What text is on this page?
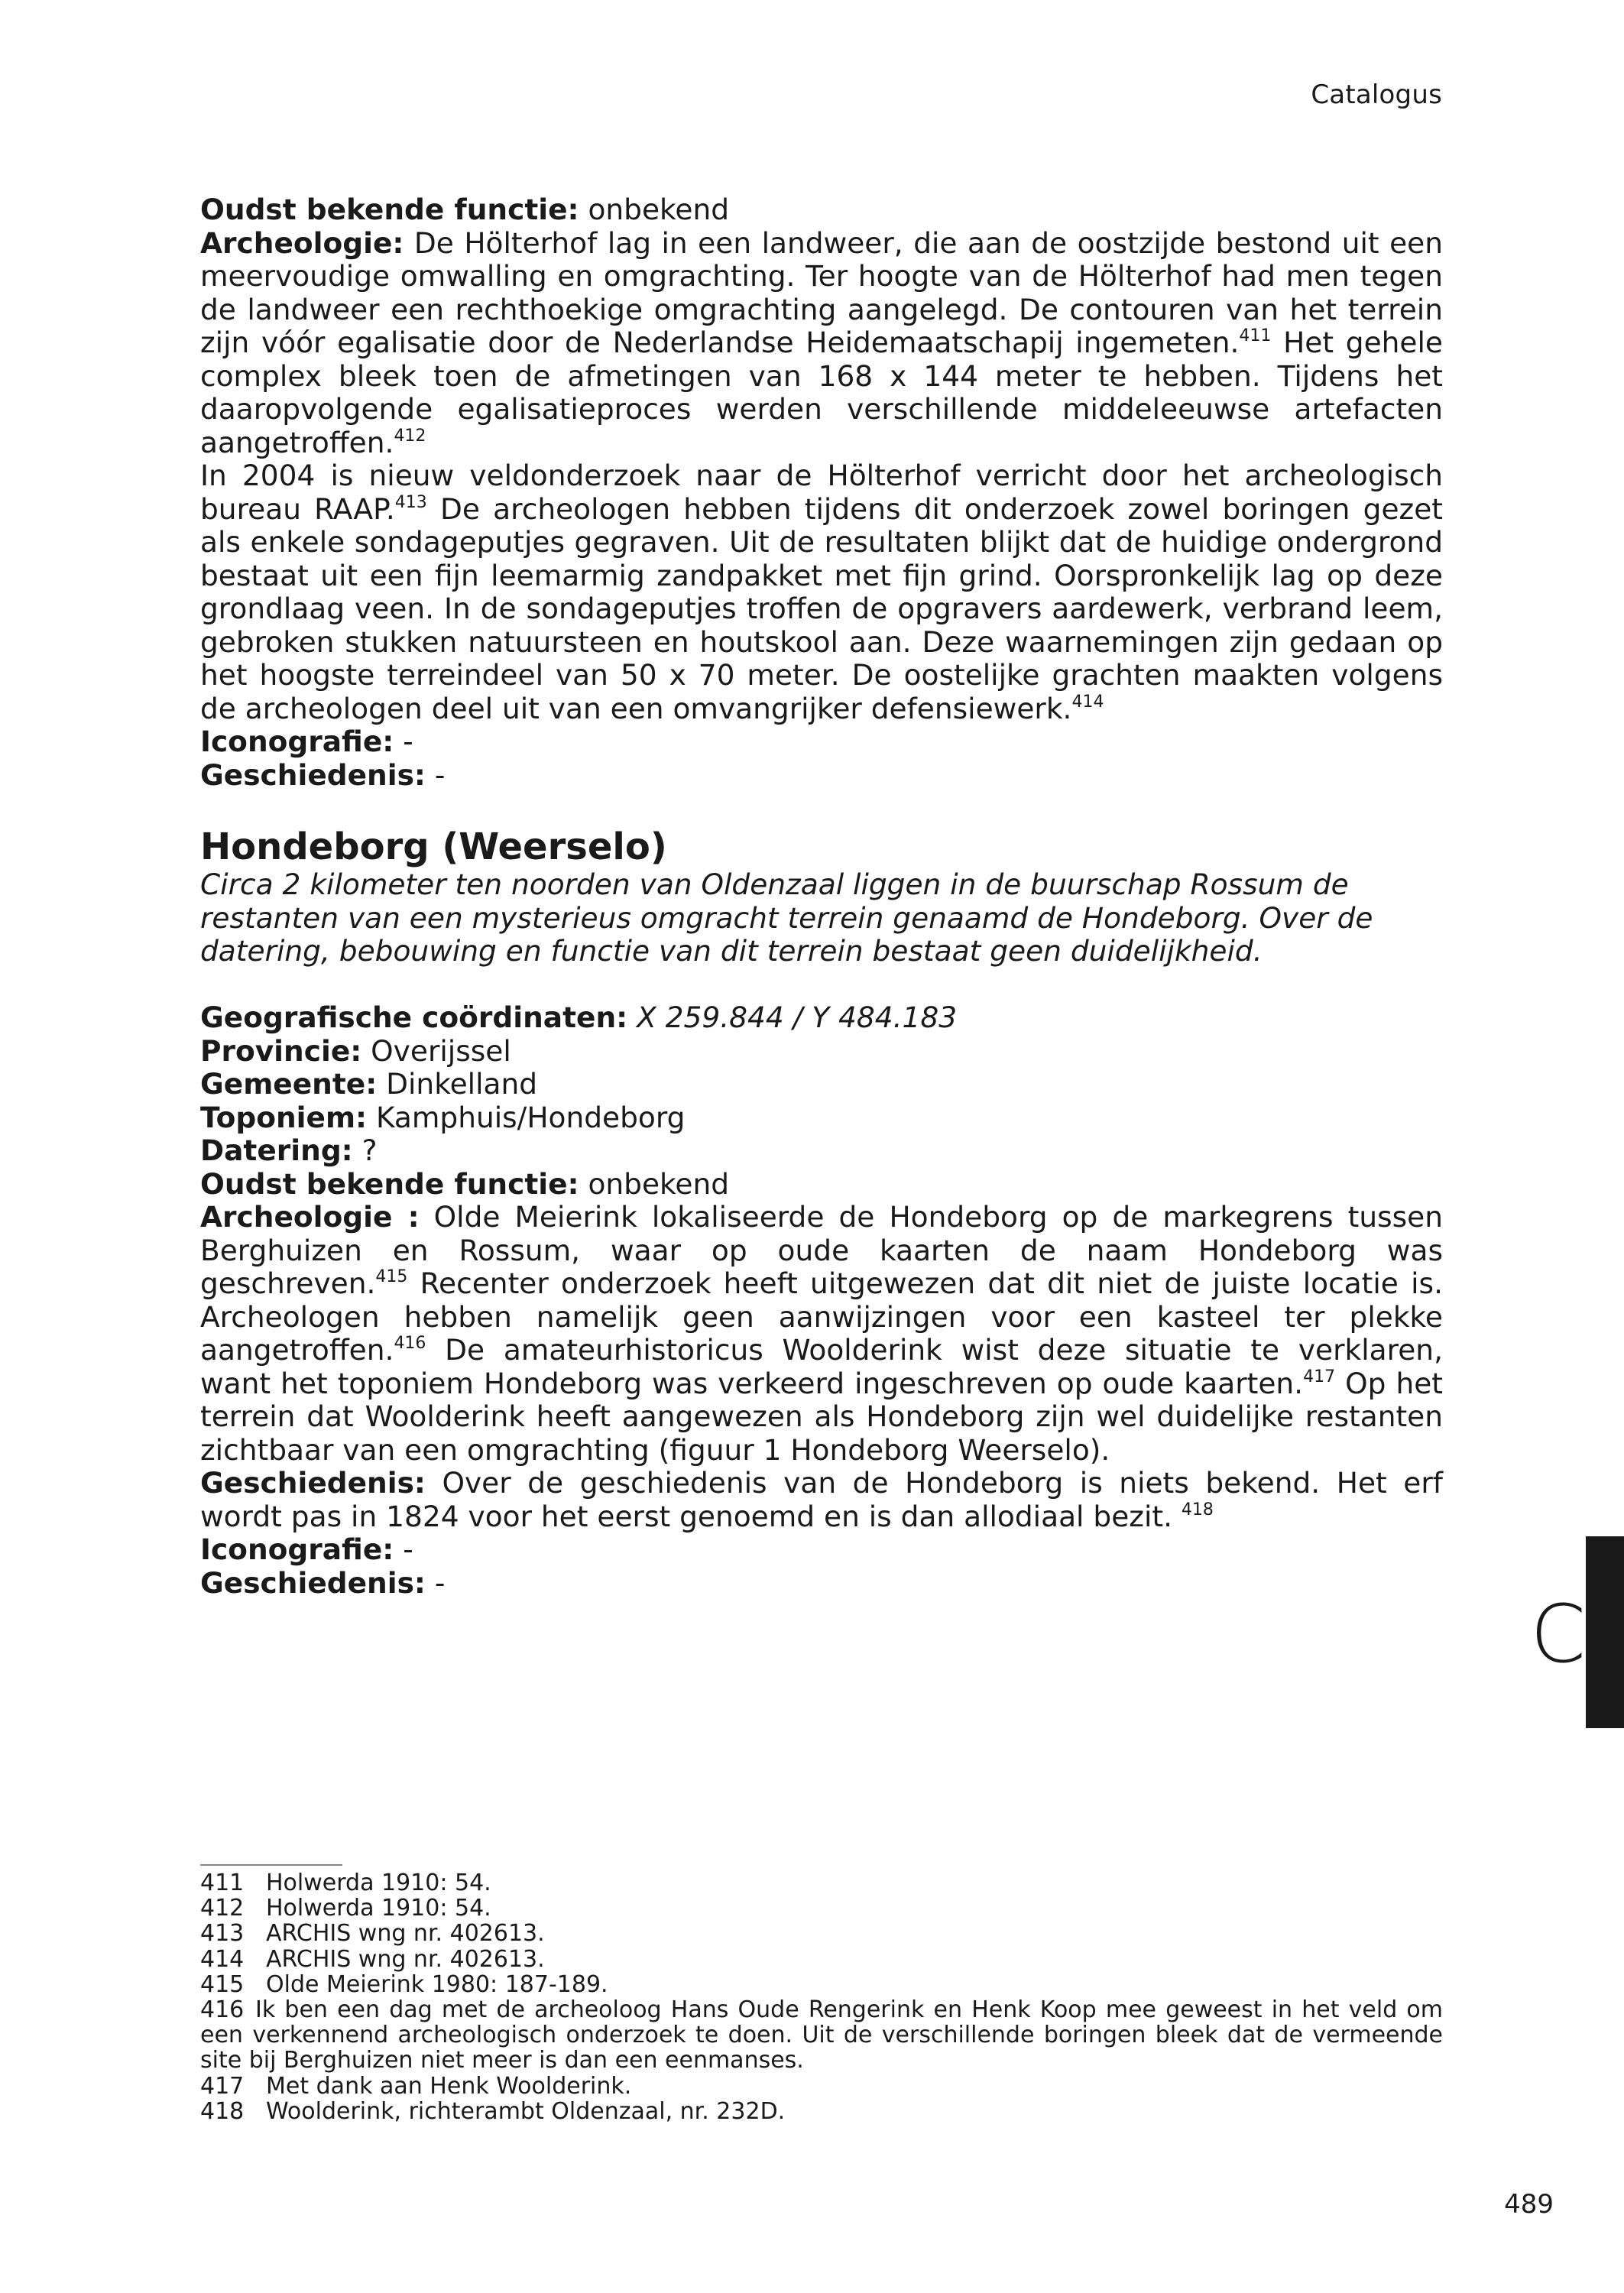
Catalogus

Oudst bekende functie: onbekend

Archeologie: De Hölterhof lag in een landweer, die aan de oostzijde bestond uit een meervoudige omwalling en omgrachting. Ter hoogte van de Hölterhof had men tegen de landweer een rechthoekige omgrachting aangelegd. De contouren van het terrein zijn vóór egalisatie door de Nederlandse Heidemaatschapij ingemeten.$^{411}$ Het gehele complex bleek toen de afmetingen van 168 x 144 meter te hebben. Tijdens het daaropvolgende egalisatieproces werden verschillende middeleeuwse artefacten aangetroffen.$^{412}$

In 2004 is nieuw veldonderzoek naar de Hölterhof verricht door het archeologisch bureau RAAP.$^{413}$ De archeologen hebben tijdens dit onderzoek zowel boringen gezet als enkele sondageputjes gegraven. Uit de resultaten blijkt dat de huidige ondergrond bestaat uit een fijn leemarmig zandpakket met fijn grind. Oorspronkelijk lag op deze grondlaag veen. In de sondageputjes troffen de opgravers aardewerk, verbrand leem, gebroken stukken natuursteen en houtskool aan. Deze waarnemingen zijn gedaan op het hoogste terreindeel van 50 x 70 meter. De oostelijke grachten maakten volgens de archeologen deel uit van een omvangrijker defensiewerk.$^{414}$

Iconografie: -

Geschiedenis: -

Hondeborg (Weerselo)

Circa 2 kilometer ten noorden van Oldenzaal liggen in de buurschap Rossum de restanten van een mysterieus omgracht terrein genaamd de Hondeborg. Over de datering, bebouwing en functie van dit terrein bestaat geen duidelijkheid.

Geografische coördinaten: X 259.844 / Y 484.183

Provincie: Overijssel

Gemeente: Dinkelland

Toponiem: Kamphuis/Hondeborg

Datering: ?

Oudst bekende functie: onbekend

Archeologie : Olde Meierink lokaliseerde de Hondeborg op de markegrens tussen Berghuizen en Rossum, waar op oude kaarten de naam Hondeborg was geschreven.$^{415}$ Recenter onderzoek heeft uitgewezen dat dit niet de juiste locatie is. Archeologen hebben namelijk geen aanwijzingen voor een kasteel ter plekke aangetroffen.$^{416}$ De amateurhistoricus Woolderink wist deze situatie te verklaren, want het toponiem Hondeborg was verkeerd ingeschreven op oude kaarten.$^{417}$ Op het terrein dat Woolderink heeft aangewezen als Hondeborg zijn wel duidelijke restanten zichtbaar van een omgrachting (figuur 1 Hondeborg Weerselo).

Geschiedenis: Over de geschiedenis van de Hondeborg is niets bekend. Het erf wordt pas in 1824 voor het eerst genoemd en is dan allodiaal bezit. $^{418}$

Iconografie: -

Geschiedenis: -

411 Holwerda 1910: 54.

412 Holwerda 1910: 54.

413 ARCHIS wng nr. 402613.

414 ARCHIS wng nr. 402613.

415 Olde Meierink 1980: 187-189.

416 Ik ben een dag met de archeoloog Hans Oude Rengerink en Henk Koop mee geweest in het veld om een verkennend archeologisch onderzoek te doen. Uit de verschillende boringen bleek dat de vermeende site bij Berghuizen niet meer is dan een eenmanses.

417 Met dank aan Henk Woolderink.

418 Woolderink, richterambt Oldenzaal, nr. 232D.

C
489
